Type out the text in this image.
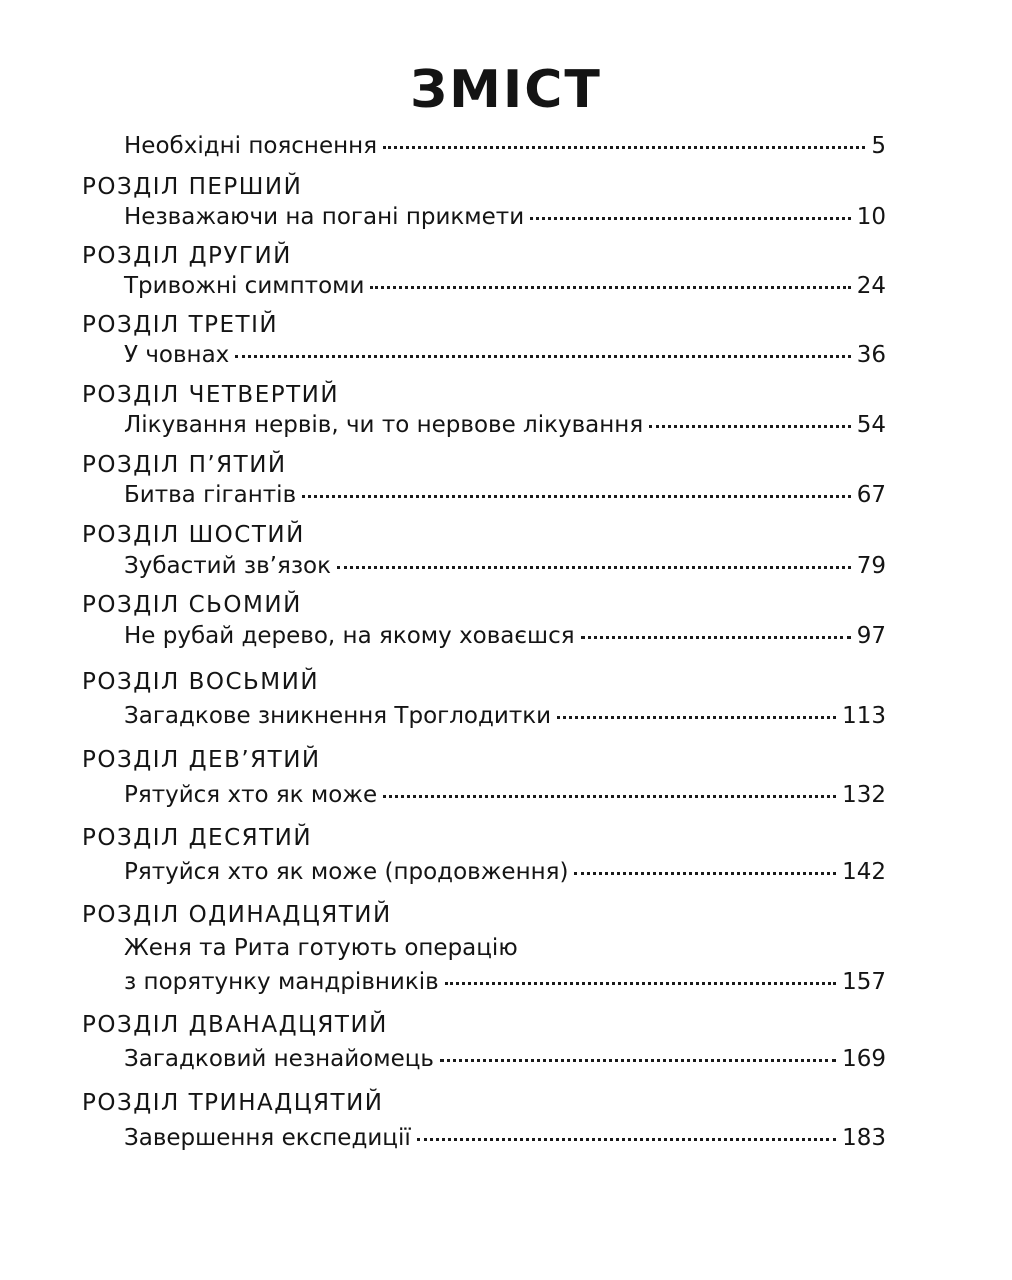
ЗМІСТ
Необхідні пояснення	5
РОЗДІЛ ПЕРШИЙ
Незважаючи на погані прикмети	10
РОЗДІЛ ДРУГИЙ
Тривожні симптоми	24
РОЗДІЛ ТРЕТІЙ
У човнах	36
РОЗДІЛ ЧЕТВЕРТИЙ
Лікування нервів, чи то нервове лікування	54
РОЗДІЛ П’ЯТИЙ
Битва гігантів	67
РОЗДІЛ ШОСТИЙ
Зубастий зв’язок	79
РОЗДІЛ СЬОМИЙ
Не рубай дерево, на якому ховаєшся	97
РОЗДІЛ ВОСЬМИЙ
Загадкове зникнення Троглодитки	113
РОЗДІЛ ДЕВ’ЯТИЙ
Рятуйся хто як може	132
РОЗДІЛ ДЕСЯТИЙ
Рятуйся хто як може (продовження)	142
РОЗДІЛ ОДИНАДЦЯТИЙ
Женя та Рита готують операцію
з порятунку мандрівників	157
РОЗДІЛ ДВАНАДЦЯТИЙ
Загадковий незнайомець	169
РОЗДІЛ ТРИНАДЦЯТИЙ
Завершення експедиції	183
